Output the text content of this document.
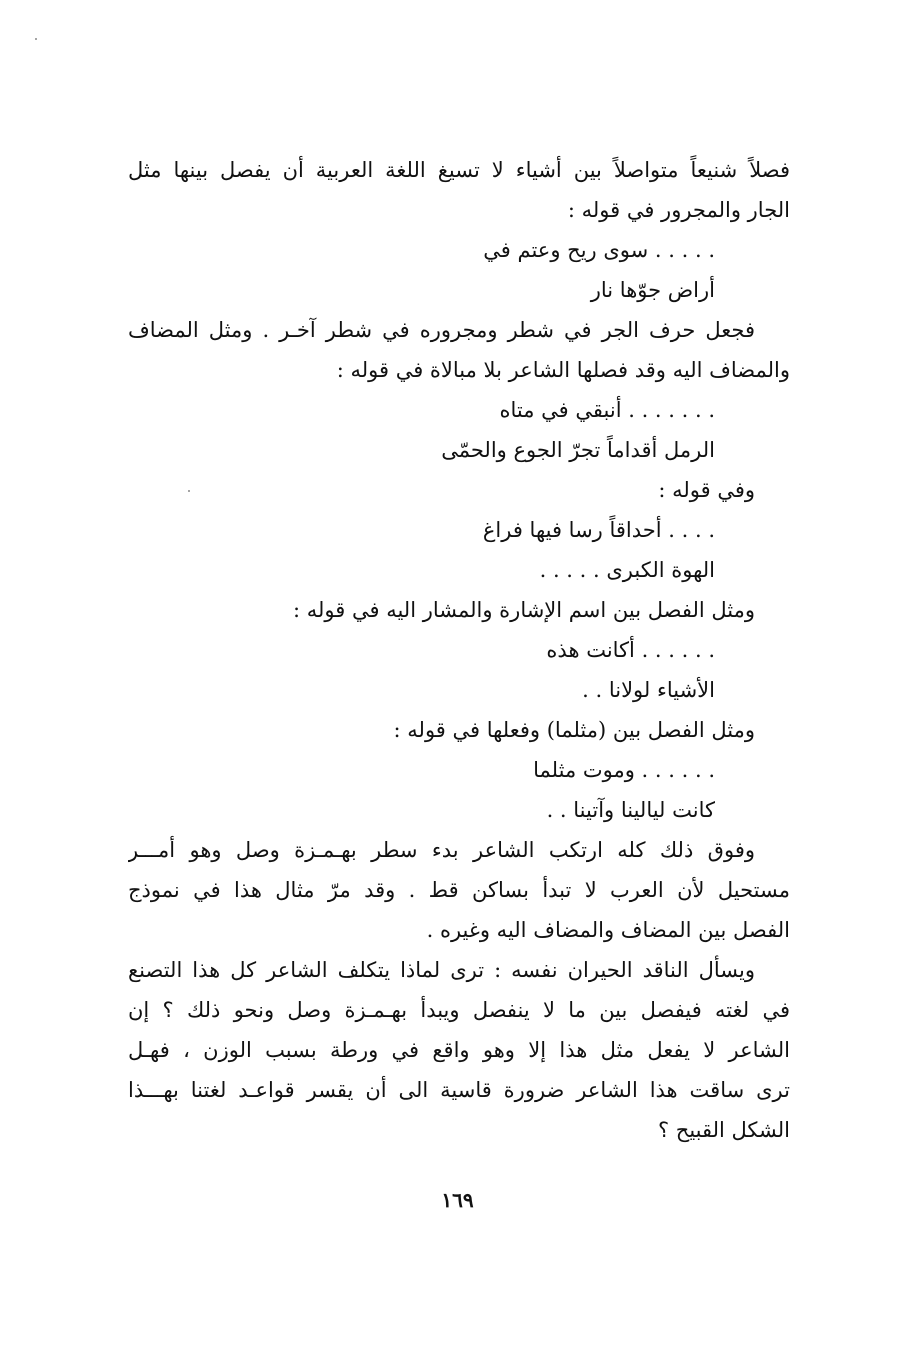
فصلاً شنيعاً متواصلاً بين أشياء لا تسيغ اللغة العربية أن يفصل بينها مثل
الجار والمجرور في قوله :
. . . . . سوى ريح وعتم في
أراض جوّها نار
فجعل حرف الجر في شطر ومجروره في شطر آخـر . ومثل المضاف
والمضاف اليه وقد فصلها الشاعر بلا مبالاة في قوله :
. . . . . . . أنبقي في متاه
الرمل أقداماً تجرّ الجوع والحمّى
وفي قوله :
. . . . أحداقاً رسا فيها فراغ
الهوة الكبرى . . . . .
ومثل الفصل بين اسم الإشارة والمشار اليه في قوله :
. . . . . . أكانت هذه
الأشياء لولانا . .
ومثل الفصل بين (مثلما) وفعلها في قوله :
. . . . . . وموت مثلما
كانت ليالينا وآتينا . .
وفوق ذلك كله ارتكب الشاعر بدء سطر بهـمـزة وصل وهو أمـــر
مستحيل لأن العرب لا تبدأ بساكن قط . وقد مرّ مثال هذا في نموذج
الفصل بين المضاف والمضاف اليه وغيره .
ويسأل الناقد الحيران نفسه : ترى لماذا يتكلف الشاعر كل هذا التصنع
في لغته فيفصل بين ما لا ينفصل ويبدأ بهـمـزة وصل ونحو ذلك ؟ إن
الشاعر لا يفعل مثل هذا إلا وهو واقع في ورطة بسبب الوزن ، فهـل
ترى ساقت هذا الشاعر ضرورة قاسية الى أن يقسر قواعـد لغتنا بهـــذا
الشكل القبيح ؟
١٦٩
